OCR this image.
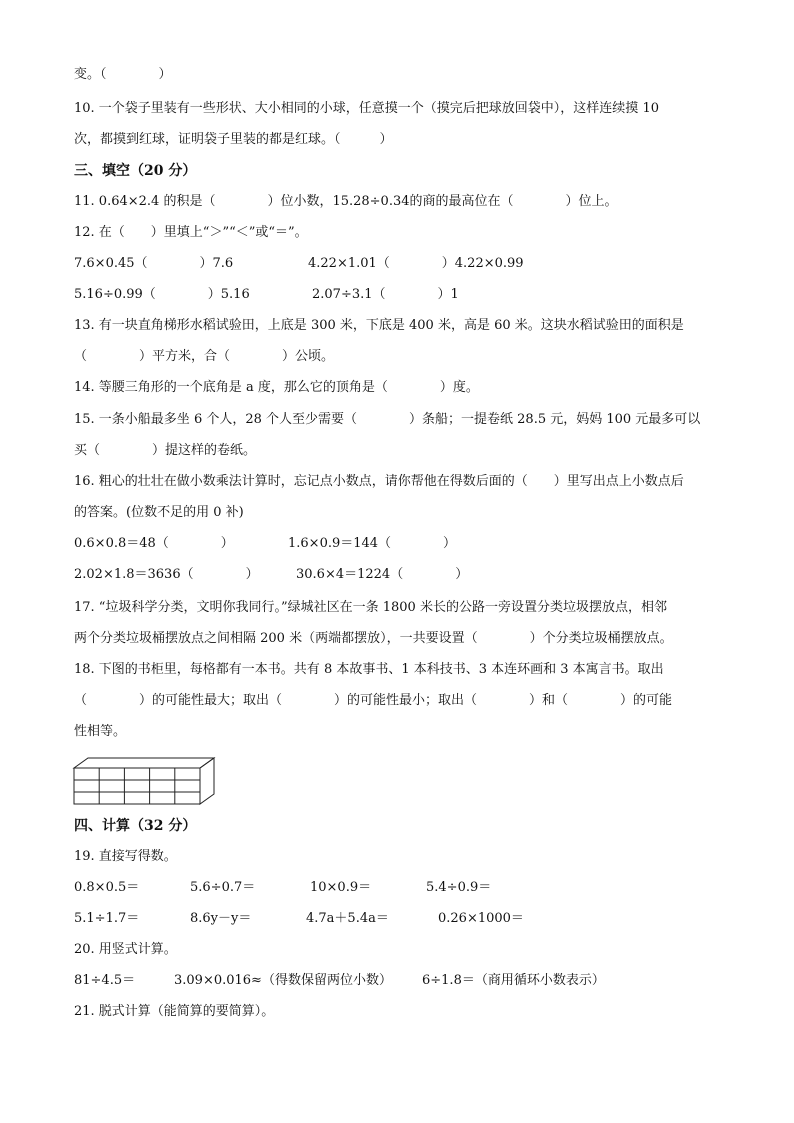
变。（　　　　）
10. 一个袋子里装有一些形状、大小相同的小球，任意摸一个（摸完后把球放回袋中），这样连续摸 10
次，都摸到红球，证明袋子里装的都是红球。（　　　）
三、填空（20 分）
11. 0.64×2.4 的积是（　　　　）位小数，15.28÷0.34的商的最高位在（　　　　）位上。
12. 在（　　）里填上“＞”“＜”或“＝”。
7.6×0.45（　　　　）7.6	4.22×1.01（　　　　）4.22×0.99
5.16÷0.99（　　　　）5.16	2.07÷3.1（　　　　）1
13. 有一块直角梯形水稻试验田，上底是 300 米，下底是 400 米，高是 60 米。这块水稻试验田的面积是
（　　　　）平方米，合（　　　　）公顷。
14. 等腰三角形的一个底角是 a 度，那么它的顶角是（　　　　）度。
15. 一条小船最多坐 6 个人，28 个人至少需要（　　　　）条船；一提卷纸 28.5 元，妈妈 100 元最多可以
买（　　　　）提这样的卷纸。
16. 粗心的壮壮在做小数乘法计算时，忘记点小数点，请你帮他在得数后面的（　　）里写出点上小数点后
的答案。(位数不足的用 0 补)
0.6×0.8＝48（　　　　）	1.6×0.9＝144（　　　　）
2.02×1.8＝3636（　　　　）	30.6×4＝1224（　　　　）
17. “垃圾科学分类，文明你我同行。”绿城社区在一条 1800 米长的公路一旁设置分类垃圾摆放点，相邻
两个分类垃圾桶摆放点之间相隔 200 米（两端都摆放），一共要设置（　　　　）个分类垃圾桶摆放点。
18. 下图的书柜里，每格都有一本书。共有 8 本故事书、1 本科技书、3 本连环画和 3 本寓言书。取出
（　　　　）的可能性最大；取出（　　　　）的可能性最小；取出（　　　　）和（　　　　）的可能
性相等。
四、计算（32 分）
19. 直接写得数。
0.8×0.5＝	5.6÷0.7＝	10×0.9＝	5.4÷0.9＝
5.1÷1.7＝	8.6y－y＝	4.7a＋5.4a＝	0.26×1000＝
20. 用竖式计算。
81÷4.5＝	3.09×0.016≈（得数保留两位小数） 6÷1.8＝（商用循环小数表示）
21. 脱式计算（能简算的要简算）。
